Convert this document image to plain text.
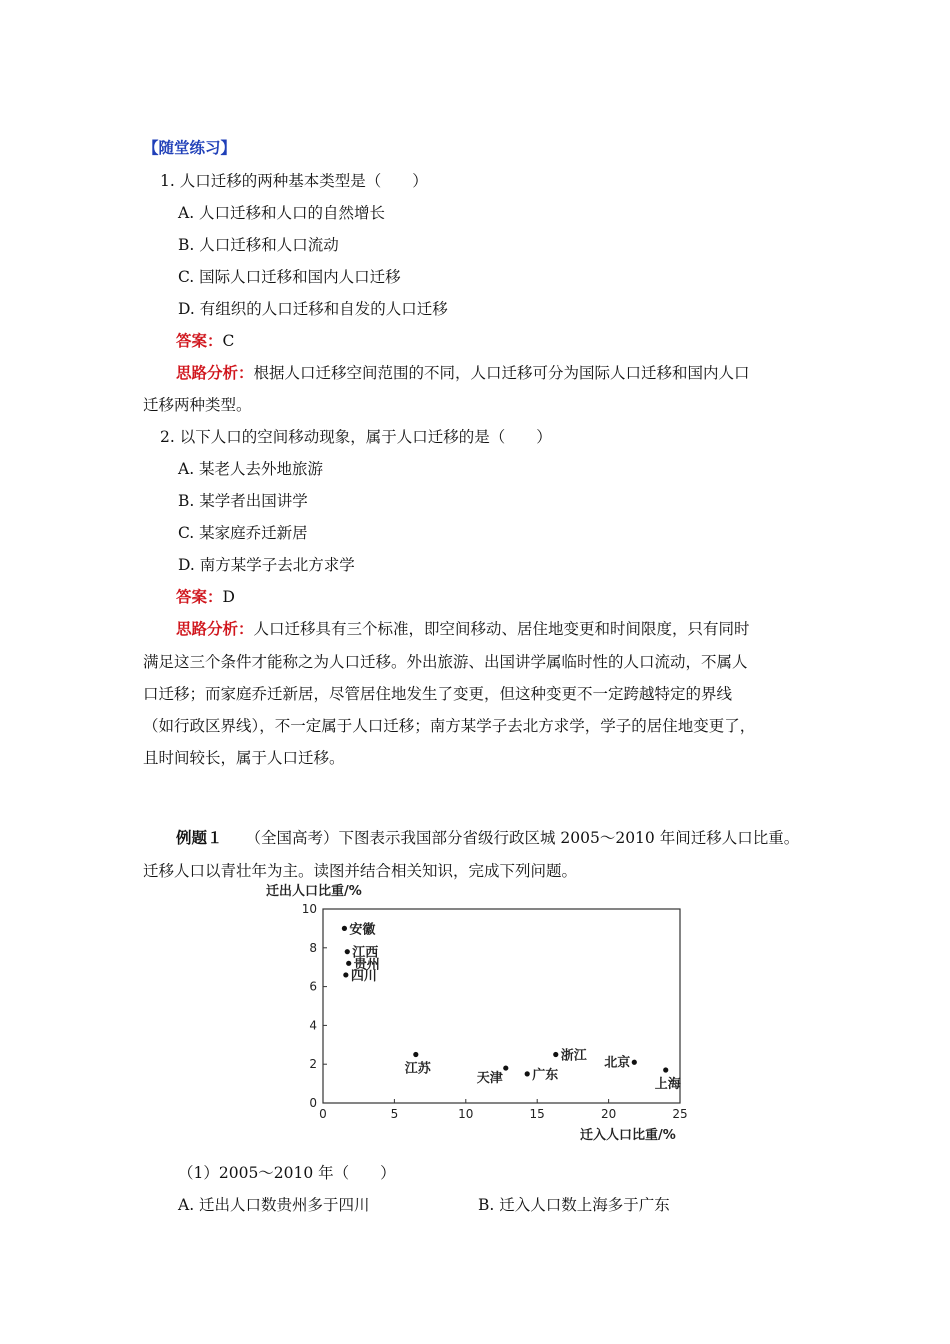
【随堂练习】
1. 人口迁移的两种基本类型是（　　）
A. 人口迁移和人口的自然增长
B. 人口迁移和人口流动
C. 国际人口迁移和国内人口迁移
D. 有组织的人口迁移和自发的人口迁移
答案：C
思路分析：根据人口迁移空间范围的不同，人口迁移可分为国际人口迁移和国内人口
迁移两种类型。
2. 以下人口的空间移动现象，属于人口迁移的是（　　）
A. 某老人去外地旅游
B. 某学者出国讲学
C. 某家庭乔迁新居
D. 南方某学子去北方求学
答案：D
思路分析：人口迁移具有三个标准，即空间移动、居住地变更和时间限度，只有同时
满足这三个条件才能称之为人口迁移。外出旅游、出国讲学属临时性的人口流动，不属人
口迁移；而家庭乔迁新居，尽管居住地发生了变更，但这种变更不一定跨越特定的界线
（如行政区界线），不一定属于人口迁移；南方某学子去北方求学，学子的居住地变更了，
且时间较长，属于人口迁移。
例题１ （全国高考）下图表示我国部分省级行政区城 2005～2010 年间迁移人口比重。
迁移人口以青壮年为主。读图并结合相关知识，完成下列问题。
迁出人口比重/%
迁入人口比重/%
0
2
4
6
8
10
0	5	10	15	20	25
安徽
江西
贵州
四川
江苏
天津 广东
浙江 北京
上海
（1）2005～2010 年（　　）
A. 迁出人口数贵州多于四川	B. 迁入人口数上海多于广东
